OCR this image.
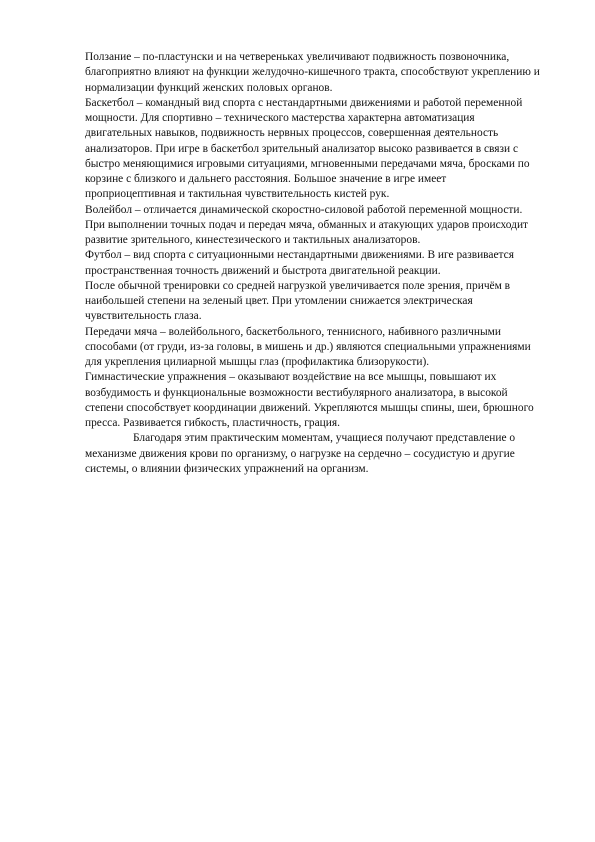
Ползание – по-пластунски и на четвереньках увеличивают подвижность позвоночника, благоприятно влияют на функции желудочно-кишечного тракта, способствуют укреплению и нормализации функций женских половых органов.

Баскетбол – командный вид спорта с нестандартными движениями и работой переменной мощности. Для спортивно – технического мастерства характерна автоматизация двигательных навыков, подвижность нервных процессов, совершенная деятельность анализаторов. При игре в баскетбол зрительный анализатор высоко развивается в связи с быстро меняющимися игровыми ситуациями, мгновенными передачами мяча, бросками по корзине с близкого и дальнего расстояния. Большое значение в игре имеет проприоцептивная и тактильная чувствительность кистей рук.

Волейбол – отличается динамической скоростно-силовой работой переменной мощности. При выполнении точных подач и передач мяча, обманных и атакующих ударов происходит развитие зрительного, кинестезического и тактильных анализаторов.

Футбол – вид спорта с ситуационными нестандартными движениями. В иге развивается пространственная точность движений и быстрота двигательной реакции.

После обычной тренировки со средней нагрузкой увеличивается поле зрения, причём в наибольшей степени на зеленый цвет. При утомлении снижается электрическая чувствительность глаза.

Передачи мяча – волейбольного, баскетбольного, теннисного, набивного различными способами (от груди, из-за головы, в мишень и др.) являются специальными упражнениями для укрепления цилиарной мышцы глаз (профилактика близорукости).

Гимнастические упражнения – оказывают воздействие на все мышцы, повышают их возбудимость и функциональные возможности вестибулярного анализатора, в высокой степени способствует координации движений. Укрепляются мышцы спины, шеи, брюшного пресса. Развивается гибкость, пластичность, грация.

Благодаря этим практическим моментам, учащиеся получают представление о механизме движения крови по организму, о нагрузке на сердечно – сосудистую и другие системы, о влиянии физических упражнений на организм.
